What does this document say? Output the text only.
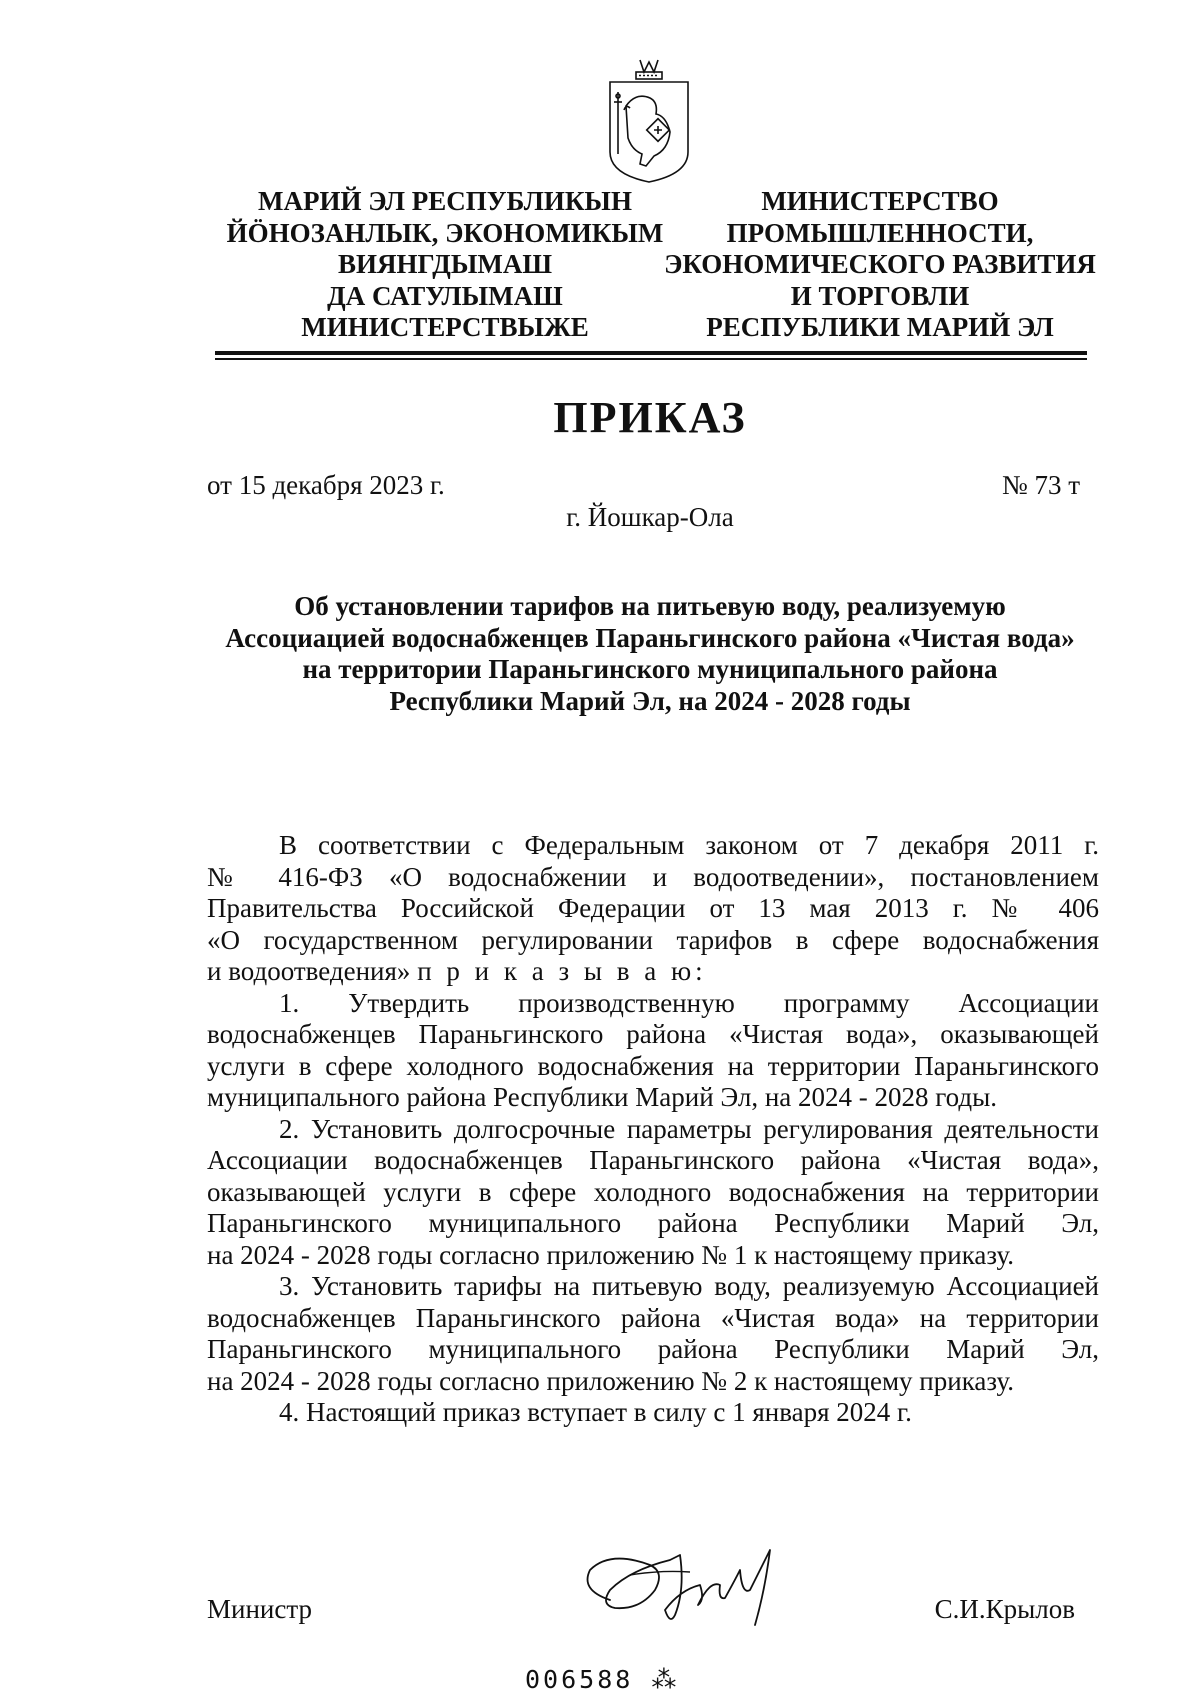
МАРИЙ ЭЛ РЕСПУБЛИКЫН
ЙÖНОЗАНЛЫК, ЭКОНОМИКЫМ
ВИЯНГДЫМАШ
ДА САТУЛЫМАШ
МИНИСТЕРСТВЫЖЕ
МИНИСТЕРСТВО
ПРОМЫШЛЕННОСТИ,
ЭКОНОМИЧЕСКОГО РАЗВИТИЯ
И ТОРГОВЛИ
РЕСПУБЛИКИ МАРИЙ ЭЛ
ПРИКАЗ
от 15 декабря 2023 г.	№ 73 т
г. Йошкар-Ола
Об установлении тарифов на питьевую воду, реализуемую
Ассоциацией водоснабженцев Параньгинского района «Чистая вода»
на территории Параньгинского муниципального района
Республики Марий Эл, на 2024 - 2028 годы
В соответствии с Федеральным законом от 7 декабря 2011 г.
№ 416-ФЗ «О водоснабжении и водоотведении», постановлением
Правительства Российской Федерации от 13 мая 2013 г. № 406
«О государственном регулировании тарифов в сфере водоснабжения
и водоотведения» п р и к а з ы в а ю:
1. Утвердить производственную программу Ассоциации
водоснабженцев Параньгинского района «Чистая вода», оказывающей
услуги в сфере холодного водоснабжения на территории Параньгинского
муниципального района Республики Марий Эл, на 2024 - 2028 годы.
2. Установить долгосрочные параметры регулирования деятельности
Ассоциации водоснабженцев Параньгинского района «Чистая вода»,
оказывающей услуги в сфере холодного водоснабжения на территории
Параньгинского муниципального района Республики Марий Эл,
на 2024 - 2028 годы согласно приложению № 1 к настоящему приказу.
3. Установить тарифы на питьевую воду, реализуемую Ассоциацией
водоснабженцев Параньгинского района «Чистая вода» на территории
Параньгинского муниципального района Республики Марий Эл,
на 2024 - 2028 годы согласно приложению № 2 к настоящему приказу.
4. Настоящий приказ вступает в силу с 1 января 2024 г.
Министр	С.И.Крылов
006588 ⁂
